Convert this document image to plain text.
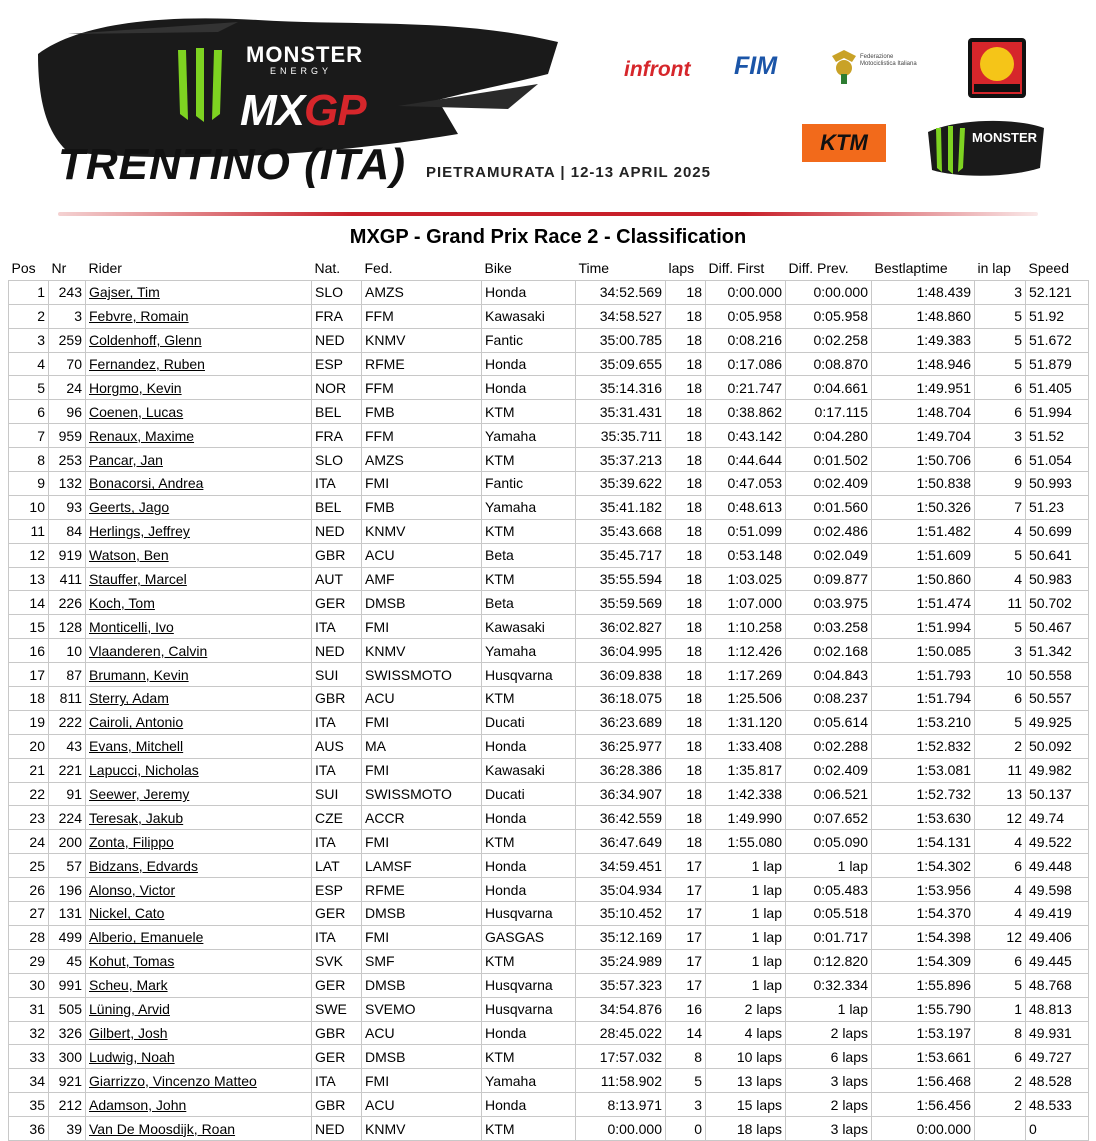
MONSTER
ENERGY
MXGP
TRENTINO (ITA) PIETRAMURATA | 12-13 APRIL 2025
infront FIM	Federazione Motociclistica Italiana
KTM	MONSTER
MXGP - Grand Prix Race 2 - Classification
Pos	Nr	Rider	Nat.	Fed.	Bike	Time	laps	Diff. First	Diff. Prev.	Bestlaptime	in lap	Speed
1	243	Gajser, Tim	SLO	AMZS	Honda	34:52.569	18	0:00.000	0:00.000	1:48.439	3	52.121
2	3	Febvre, Romain	FRA	FFM	Kawasaki	34:58.527	18	0:05.958	0:05.958	1:48.860	5	51.92
3	259	Coldenhoff, Glenn	NED	KNMV	Fantic	35:00.785	18	0:08.216	0:02.258	1:49.383	5	51.672
4	70	Fernandez, Ruben	ESP	RFME	Honda	35:09.655	18	0:17.086	0:08.870	1:48.946	5	51.879
5	24	Horgmo, Kevin	NOR	FFM	Honda	35:14.316	18	0:21.747	0:04.661	1:49.951	6	51.405
6	96	Coenen, Lucas	BEL	FMB	KTM	35:31.431	18	0:38.862	0:17.115	1:48.704	6	51.994
7	959	Renaux, Maxime	FRA	FFM	Yamaha	35:35.711	18	0:43.142	0:04.280	1:49.704	3	51.52
8	253	Pancar, Jan	SLO	AMZS	KTM	35:37.213	18	0:44.644	0:01.502	1:50.706	6	51.054
9	132	Bonacorsi, Andrea	ITA	FMI	Fantic	35:39.622	18	0:47.053	0:02.409	1:50.838	9	50.993
10	93	Geerts, Jago	BEL	FMB	Yamaha	35:41.182	18	0:48.613	0:01.560	1:50.326	7	51.23
11	84	Herlings, Jeffrey	NED	KNMV	KTM	35:43.668	18	0:51.099	0:02.486	1:51.482	4	50.699
12	919	Watson, Ben	GBR	ACU	Beta	35:45.717	18	0:53.148	0:02.049	1:51.609	5	50.641
13	411	Stauffer, Marcel	AUT	AMF	KTM	35:55.594	18	1:03.025	0:09.877	1:50.860	4	50.983
14	226	Koch, Tom	GER	DMSB	Beta	35:59.569	18	1:07.000	0:03.975	1:51.474	11	50.702
15	128	Monticelli, Ivo	ITA	FMI	Kawasaki	36:02.827	18	1:10.258	0:03.258	1:51.994	5	50.467
16	10	Vlaanderen, Calvin	NED	KNMV	Yamaha	36:04.995	18	1:12.426	0:02.168	1:50.085	3	51.342
17	87	Brumann, Kevin	SUI	SWISSMOTO	Husqvarna	36:09.838	18	1:17.269	0:04.843	1:51.793	10	50.558
18	811	Sterry, Adam	GBR	ACU	KTM	36:18.075	18	1:25.506	0:08.237	1:51.794	6	50.557
19	222	Cairoli, Antonio	ITA	FMI	Ducati	36:23.689	18	1:31.120	0:05.614	1:53.210	5	49.925
20	43	Evans, Mitchell	AUS	MA	Honda	36:25.977	18	1:33.408	0:02.288	1:52.832	2	50.092
21	221	Lapucci, Nicholas	ITA	FMI	Kawasaki	36:28.386	18	1:35.817	0:02.409	1:53.081	11	49.982
22	91	Seewer, Jeremy	SUI	SWISSMOTO	Ducati	36:34.907	18	1:42.338	0:06.521	1:52.732	13	50.137
23	224	Teresak, Jakub	CZE	ACCR	Honda	36:42.559	18	1:49.990	0:07.652	1:53.630	12	49.74
24	200	Zonta, Filippo	ITA	FMI	KTM	36:47.649	18	1:55.080	0:05.090	1:54.131	4	49.522
25	57	Bidzans, Edvards	LAT	LAMSF	Honda	34:59.451	17	1 lap	1 lap	1:54.302	6	49.448
26	196	Alonso, Victor	ESP	RFME	Honda	35:04.934	17	1 lap	0:05.483	1:53.956	4	49.598
27	131	Nickel, Cato	GER	DMSB	Husqvarna	35:10.452	17	1 lap	0:05.518	1:54.370	4	49.419
28	499	Alberio, Emanuele	ITA	FMI	GASGAS	35:12.169	17	1 lap	0:01.717	1:54.398	12	49.406
29	45	Kohut, Tomas	SVK	SMF	KTM	35:24.989	17	1 lap	0:12.820	1:54.309	6	49.445
30	991	Scheu, Mark	GER	DMSB	Husqvarna	35:57.323	17	1 lap	0:32.334	1:55.896	5	48.768
31	505	Lüning, Arvid	SWE	SVEMO	Husqvarna	34:54.876	16	2 laps	1 lap	1:55.790	1	48.813
32	326	Gilbert, Josh	GBR	ACU	Honda	28:45.022	14	4 laps	2 laps	1:53.197	8	49.931
33	300	Ludwig, Noah	GER	DMSB	KTM	17:57.032	8	10 laps	6 laps	1:53.661	6	49.727
34	921	Giarrizzo, Vincenzo Matteo	ITA	FMI	Yamaha	11:58.902	5	13 laps	3 laps	1:56.468	2	48.528
35	212	Adamson, John	GBR	ACU	Honda	8:13.971	3	15 laps	2 laps	1:56.456	2	48.533
36	39	Van De Moosdijk, Roan	NED	KNMV	KTM	0:00.000	0	18 laps	3 laps	0:00.000		0
